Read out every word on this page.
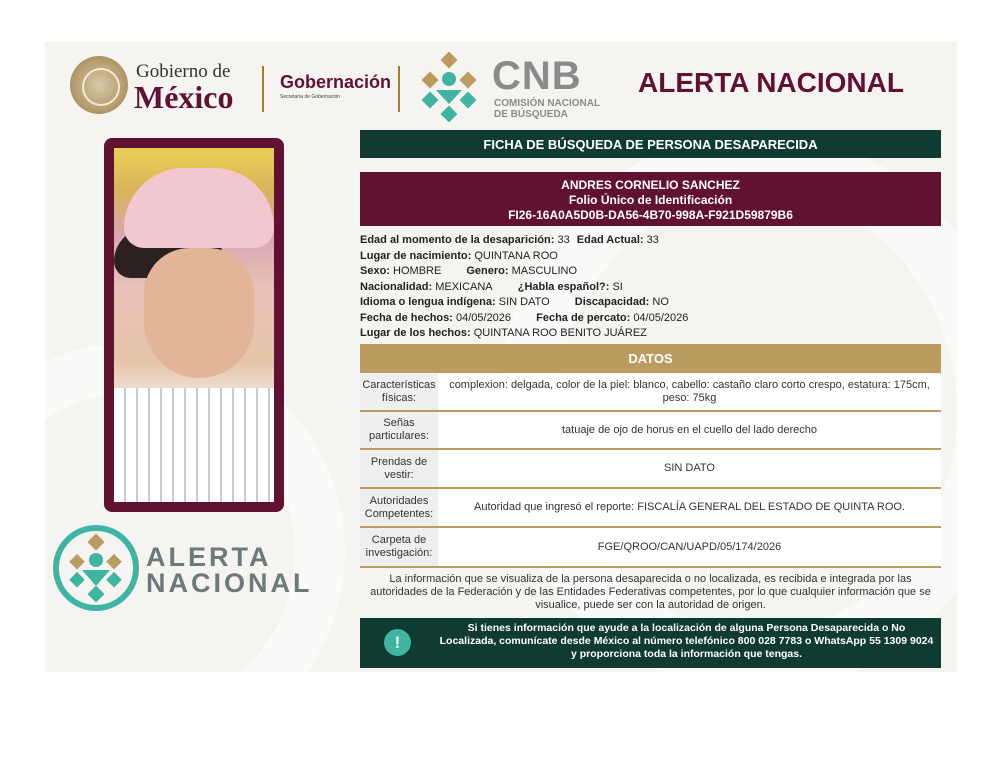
Gobierno de
México	Gobernación
Secretaría de Gobernación	CNB
COMISIÓN NACIONAL
DE BÚSQUEDA
ALERTA NACIONAL
ALERTA
NACIONAL
FICHA DE BÚSQUEDA DE PERSONA DESAPARECIDA
ANDRES CORNELIO SANCHEZ
Folio Único de Identificación
FI26-16A0A5D0B-DA56-4B70-998A-F921D59879B6
Edad al momento de la desaparición: 33 Edad Actual: 33
Lugar de nacimiento: QUINTANA ROO
Sexo: HOMBRE Genero: MASCULINO
Nacionalidad: MEXICANA ¿Habla español?: SI
Idioma o lengua indígena: SIN DATO Discapacidad: NO
Fecha de hechos: 04/05/2026 Fecha de percato: 04/05/2026
Lugar de los hechos: QUINTANA ROO BENITO JUÁREZ
DATOS
Características físicas:
complexion: delgada, color de la piel: blanco, cabello: castaño claro corto crespo, estatura: 175cm, peso: 75kg
Señas particulares:
tatuaje de ojo de horus en el cuello del lado derecho
Prendas de vestir:
SIN DATO
Autoridades Competentes:
Autoridad que ingresó el reporte: FISCALÍA GENERAL DEL ESTADO DE QUINTA ROO.
Carpeta de investigación:
FGE/QROO/CAN/UAPD/05/174/2026
La información que se visualiza de la persona desaparecida o no localizada, es recibida e integrada por las autoridades de la Federación y de las Entidades Federativas competentes, por lo que cualquier información que se visualice, puede ser con la autoridad de origen.
!
Si tienes información que ayude a la localización de alguna Persona Desaparecida o No Localizada, comunícate desde México al número telefónico 800 028 7783 o WhatsApp 55 1309 9024 y proporciona toda la información que tengas.
